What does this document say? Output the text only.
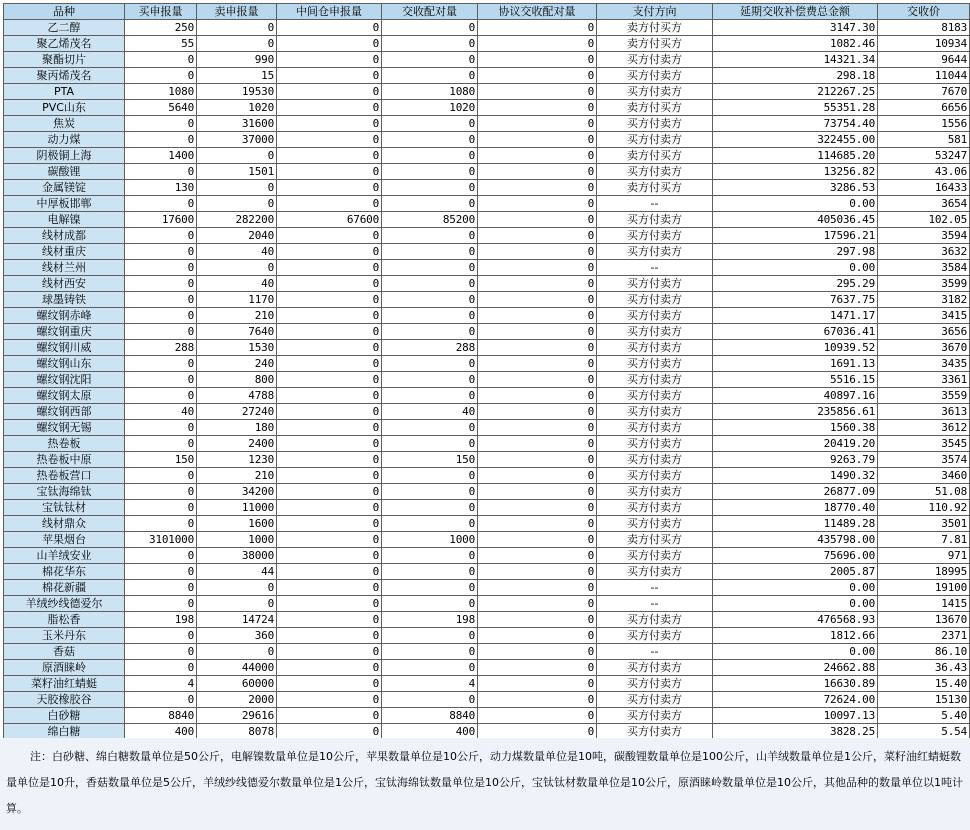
品种	买申报量	卖申报量	中间仓申报量	交收配对量	协议交收配对量	支付方向	延期交收补偿费总金额	交收价
乙二醇	250	0	0	0	0	卖方付买方	3147.30	8183
聚乙烯茂名	55	0	0	0	0	卖方付买方	1082.46	10934
聚酯切片	0	990	0	0	0	买方付卖方	14321.34	9644
聚丙烯茂名	0	15	0	0	0	买方付卖方	298.18	11044
PTA	1080	19530	0	1080	0	买方付卖方	212267.25	7670
PVC山东	5640	1020	0	1020	0	卖方付买方	55351.28	6656
焦炭	0	31600	0	0	0	买方付卖方	73754.40	1556
动力煤	0	37000	0	0	0	买方付卖方	322455.00	581
阴极铜上海	1400	0	0	0	0	卖方付买方	114685.20	53247
碳酸锂	0	1501	0	0	0	买方付卖方	13256.82	43.06
金属镁锭	130	0	0	0	0	卖方付买方	3286.53	16433
中厚板邯郸	0	0	0	0	0	--	0.00	3654
电解镍	17600	282200	67600	85200	0	买方付卖方	405036.45	102.05
线材成都	0	2040	0	0	0	买方付卖方	17596.21	3594
线材重庆	0	40	0	0	0	买方付卖方	297.98	3632
线材兰州	0	0	0	0	0	--	0.00	3584
线材西安	0	40	0	0	0	买方付卖方	295.29	3599
球墨铸铁	0	1170	0	0	0	买方付卖方	7637.75	3182
螺纹钢赤峰	0	210	0	0	0	买方付卖方	1471.17	3415
螺纹钢重庆	0	7640	0	0	0	买方付卖方	67036.41	3656
螺纹钢川威	288	1530	0	288	0	买方付卖方	10939.52	3670
螺纹钢山东	0	240	0	0	0	买方付卖方	1691.13	3435
螺纹钢沈阳	0	800	0	0	0	买方付卖方	5516.15	3361
螺纹钢太原	0	4788	0	0	0	买方付卖方	40897.16	3559
螺纹钢西部	40	27240	0	40	0	买方付卖方	235856.61	3613
螺纹钢无锡	0	180	0	0	0	买方付卖方	1560.38	3612
热卷板	0	2400	0	0	0	买方付卖方	20419.20	3545
热卷板中原	150	1230	0	150	0	买方付卖方	9263.79	3574
热卷板营口	0	210	0	0	0	买方付卖方	1490.32	3460
宝钛海绵钛	0	34200	0	0	0	买方付卖方	26877.09	51.08
宝钛钛材	0	11000	0	0	0	买方付卖方	18770.40	110.92
线材鼎众	0	1600	0	0	0	买方付卖方	11489.28	3501
苹果烟台	3101000	1000	0	1000	0	卖方付买方	435798.00	7.81
山羊绒安业	0	38000	0	0	0	买方付卖方	75696.00	971
棉花华东	0	44	0	0	0	买方付卖方	2005.87	18995
棉花新疆	0	0	0	0	0	--	0.00	19100
羊绒纱线德爱尔	0	0	0	0	0	--	0.00	1415
脂松香	198	14724	0	198	0	买方付卖方	476568.93	13670
玉米丹东	0	360	0	0	0	买方付卖方	1812.66	2371
香菇	0	0	0	0	0	--	0.00	86.10
原酒睐岭	0	44000	0	0	0	买方付卖方	24662.88	36.43
菜籽油红蜻蜓	4	60000	0	4	0	买方付卖方	16630.89	15.40
天胶橡胶谷	0	2000	0	0	0	买方付卖方	72624.00	15130
白砂糖	8840	29616	0	8840	0	买方付卖方	10097.13	5.40
绵白糖	400	8078	0	400	0	买方付卖方	3828.25	5.54
注：白砂糖、绵白糖数量单位是50公斤，电解镍数量单位是10公斤，苹果数量单位是10公斤，动力煤数量单位是10吨，碳酸锂数量单位是100公斤，山羊绒数量单位是1公斤，菜籽油红蜻蜓数量单位是10升，香菇数量单位是5公斤，羊绒纱线德爱尔数量单位是1公斤，宝钛海绵钛数量单位是10公斤，宝钛钛材数量单位是10公斤，原酒睐岭数量单位是10公斤，其他品种的数量单位以1吨计算。
